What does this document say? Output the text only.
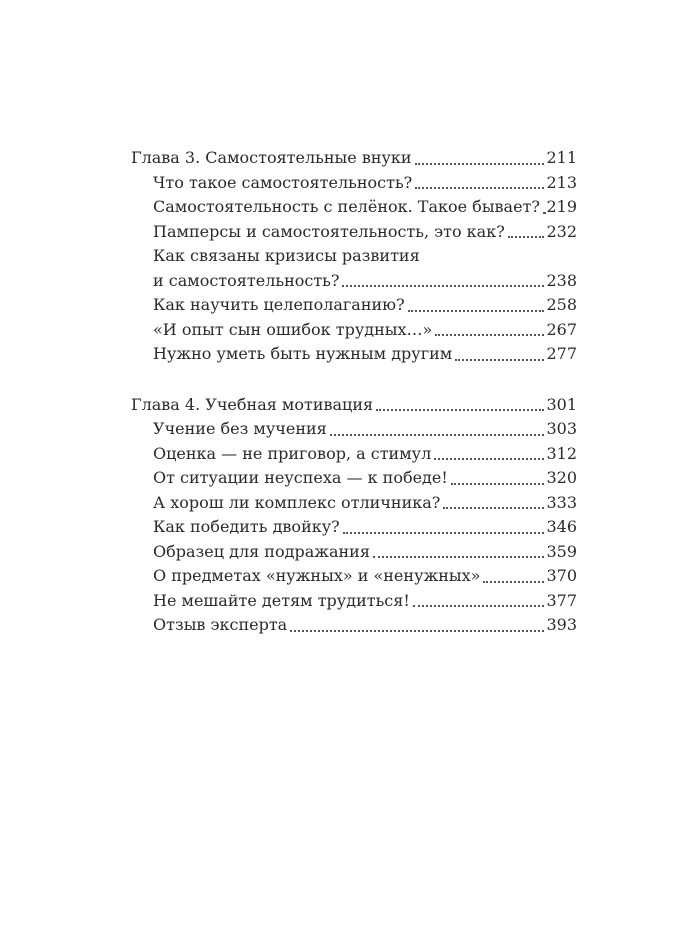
Глава 3. Самостоятельные внуки	211
Что такое самостоятельность?	213
Самостоятельность с пелёнок. Такое бывает? 219
Памперсы и самостоятельность, это как?	232
Как связаны кризисы развития
и самостоятельность?	238
Как научить целеполаганию?	258
«И опыт сын ошибок трудных…»	267
Нужно уметь быть нужным другим	277
Глава 4. Учебная мотивация	301
Учение без мучения	303
Оценка — не приговор, а стимул	312
От ситуации неуспеха — к победе!	320
А хорош ли комплекс отличника?	333
Как победить двойку?	346
Образец для подражания	359
О предметах «нужных» и «ненужных»	370
Не мешайте детям трудиться!	377
Отзыв эксперта	393
